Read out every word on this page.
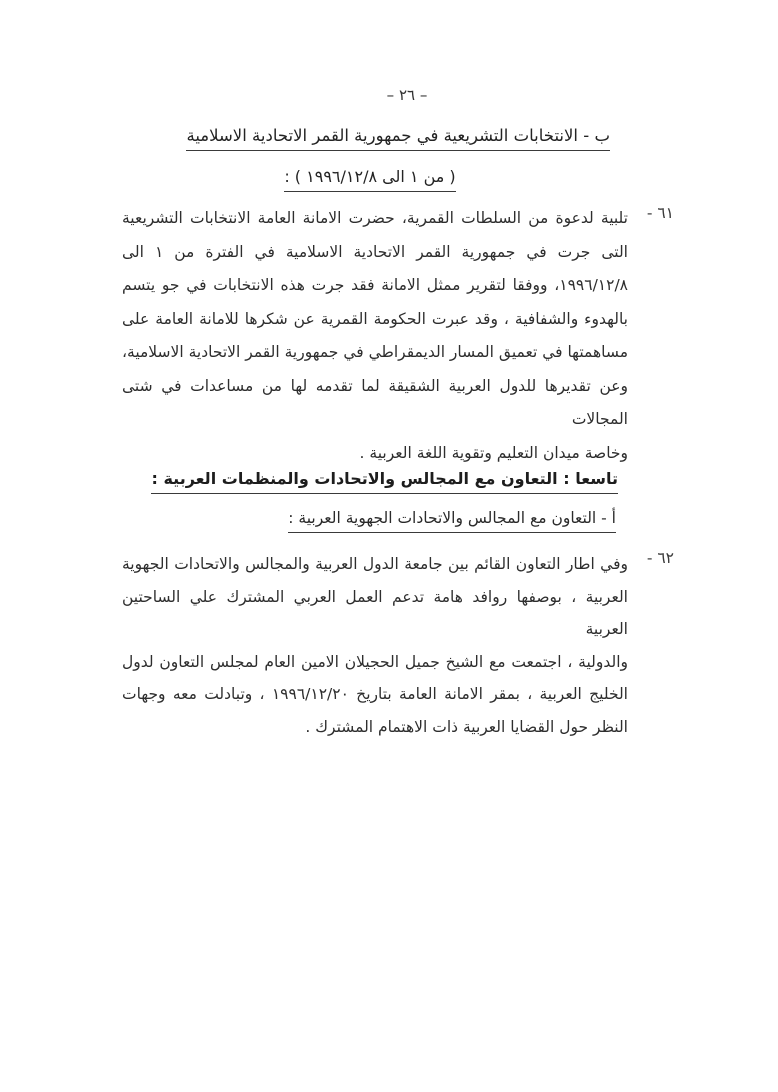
– ٢٦ –
ب - الانتخابات التشريعية في جمهورية القمر الاتحادية الاسلامية
( من ١ الى ١٩٩٦/١٢/٨ ) :
٦١ -
تلبية لدعوة من السلطات القمرية، حضرت الامانة العامة الانتخابات التشريعية
التى جرت في جمهورية القمر الاتحادية الاسلامية في الفترة من ١ الى
١٩٩٦/١٢/٨، ووفقا لتقرير ممثل الامانة فقد جرت هذه الانتخابات في جو يتسم
بالهدوء والشفافية ، وقد عبرت الحكومة القمرية عن شكرها للامانة العامة على
مساهمتها في تعميق المسار الديمقراطي في جمهورية القمر الاتحادية الاسلامية،
وعن تقديرها للدول العربية الشقيقة لما تقدمه لها من مساعدات في شتى المجالات
وخاصة ميدان التعليم وتقوية اللغة العربية .
تاسعا : التعاون مع المجالس والاتحادات والمنظمات العربية :
أ - التعاون مع المجالس والاتحادات الجهوية العربية :
٦٢ -
وفي اطار التعاون القائم بين جامعة الدول العربية والمجالس والاتحادات الجهوية
العربية ، بوصفها روافد هامة تدعم العمل العربي المشترك علي الساحتين العربية
والدولية ، اجتمعت مع الشيخ جميل الحجيلان الامين العام لمجلس التعاون لدول
الخليج العربية ، بمقر الامانة العامة بتاريخ ١٩٩٦/١٢/٢٠ ، وتبادلت معه وجهات
النظر حول القضايا العربية ذات الاهتمام المشترك .
